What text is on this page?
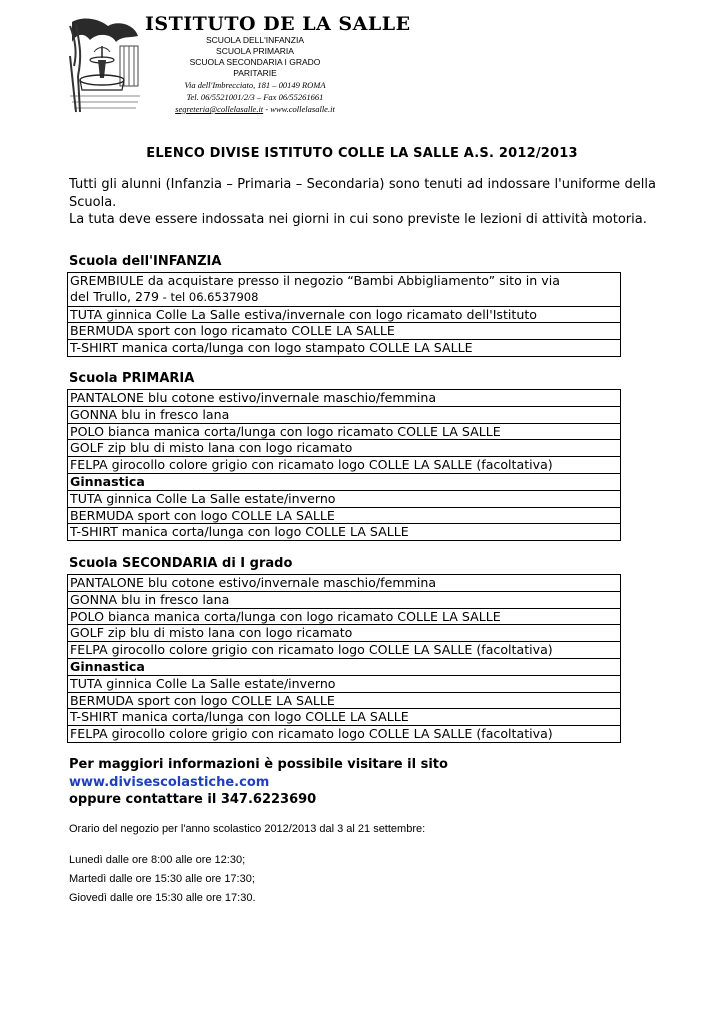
ISTITUTO DE LA SALLE
SCUOLA DELL'INFANZIA
SCUOLA PRIMARIA
SCUOLA SECONDARIA I GRADO
PARITARIE
Via dell'Imbrecciato, 181 – 00149 ROMA
Tel. 06/5521001/2/3 – Fax 06/55261661
segreteria@collelasalle.it - www.collelasalle.it
ELENCO DIVISE ISTITUTO COLLE LA SALLE A.S. 2012/2013

Tutti gli alunni (Infanzia – Primaria – Secondaria) sono tenuti ad indossare l'uniforme della Scuola.

La tuta deve essere indossata nei giorni in cui sono previste le lezioni di attività motoria.

Scuola dell'INFANZIA
GREMBIULE da acquistare presso il negozio “Bambi Abbigliamento” sito in via
del Trullo, 279 - tel 06.6537908

TUTA ginnica Colle La Salle estiva/invernale con logo ricamato dell'Istituto
BERMUDA sport con logo ricamato COLLE LA SALLE
T-SHIRT manica corta/lunga con logo stampato COLLE LA SALLE
Scuola PRIMARIA
PANTALONE blu cotone estivo/invernale maschio/femmina
GONNA blu in fresco lana
POLO bianca manica corta/lunga con logo ricamato COLLE LA SALLE
GOLF zip blu di misto lana con logo ricamato
FELPA girocollo colore grigio con ricamato logo COLLE LA SALLE (facoltativa)
Ginnastica
TUTA ginnica Colle La Salle estate/inverno
BERMUDA sport con logo COLLE LA SALLE
T-SHIRT manica corta/lunga con logo COLLE LA SALLE
Scuola SECONDARIA di I grado
PANTALONE blu cotone estivo/invernale maschio/femmina
GONNA blu in fresco lana
POLO bianca manica corta/lunga con logo ricamato COLLE LA SALLE
GOLF zip blu di misto lana con logo ricamato
FELPA girocollo colore grigio con ricamato logo COLLE LA SALLE (facoltativa)
Ginnastica
TUTA ginnica Colle La Salle estate/inverno
BERMUDA sport con logo COLLE LA SALLE
T-SHIRT manica corta/lunga con logo COLLE LA SALLE
FELPA girocollo colore grigio con ricamato logo COLLE LA SALLE (facoltativa)
Per maggiori informazioni è possibile visitare il sito
www.divisescolastiche.com
oppure contattare il 347.6223690
Orario del negozio per l'anno scolastico 2012/2013 dal 3 al 21 settembre:
Lunedì dalle ore 8:00 alle ore 12:30;
Martedì dalle ore 15:30 alle ore 17:30;
Giovedì dalle ore 15:30 alle ore 17:30.
